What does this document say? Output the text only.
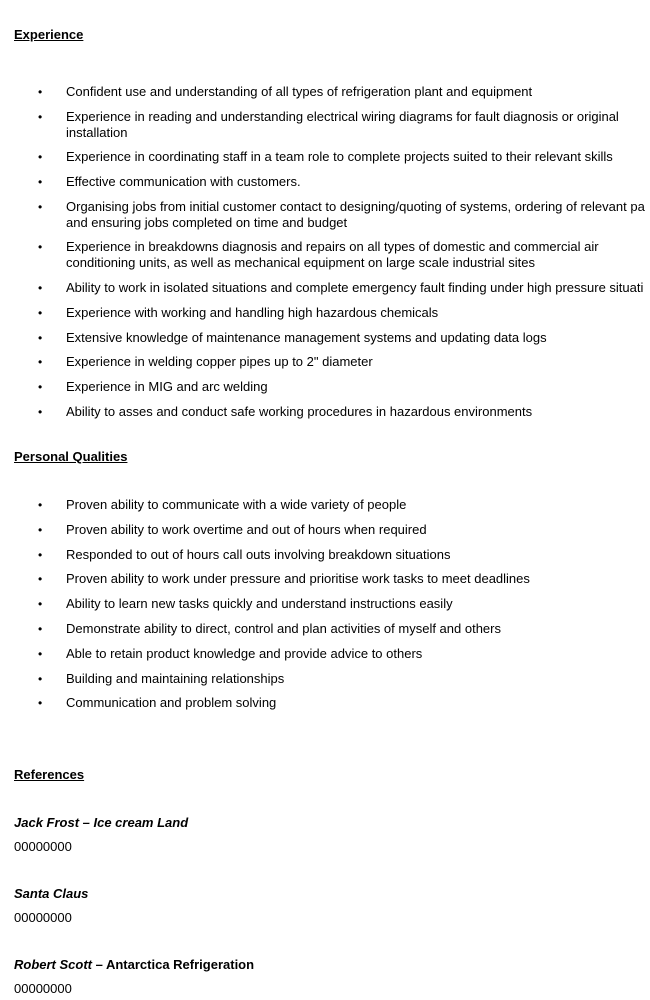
Experience
• Confident use and understanding of all types of refrigeration plant and equipment
• Experience in reading and understanding electrical wiring diagrams for fault diagnosis or original
installation
• Experience in coordinating staff in a team role to complete projects suited to their relevant skills
• Effective communication with customers.
• Organising jobs from initial customer contact to designing/quoting of systems, ordering of relevant pa
and ensuring jobs completed on time and budget
• Experience in breakdowns diagnosis and repairs on all types of domestic and commercial air
conditioning units, as well as mechanical equipment on large scale industrial sites
• Ability to work in isolated situations and complete emergency fault finding under high pressure situati
• Experience with working and handling high hazardous chemicals
• Extensive knowledge of maintenance management systems and updating data logs
• Experience in welding copper pipes up to 2" diameter
• Experience in MIG and arc welding
• Ability to asses and conduct safe working procedures in hazardous environments
Personal Qualities
• Proven ability to communicate with a wide variety of people
• Proven ability to work overtime and out of hours when required
• Responded to out of hours call outs involving breakdown situations
• Proven ability to work under pressure and prioritise work tasks to meet deadlines
• Ability to learn new tasks quickly and understand instructions easily
• Demonstrate ability to direct, control and plan activities of myself and others
• Able to retain product knowledge and provide advice to others
• Building and maintaining relationships
• Communication and problem solving
References
Jack Frost – Ice cream Land
00000000
Santa Claus
00000000
Robert Scott – Antarctica Refrigeration
00000000
